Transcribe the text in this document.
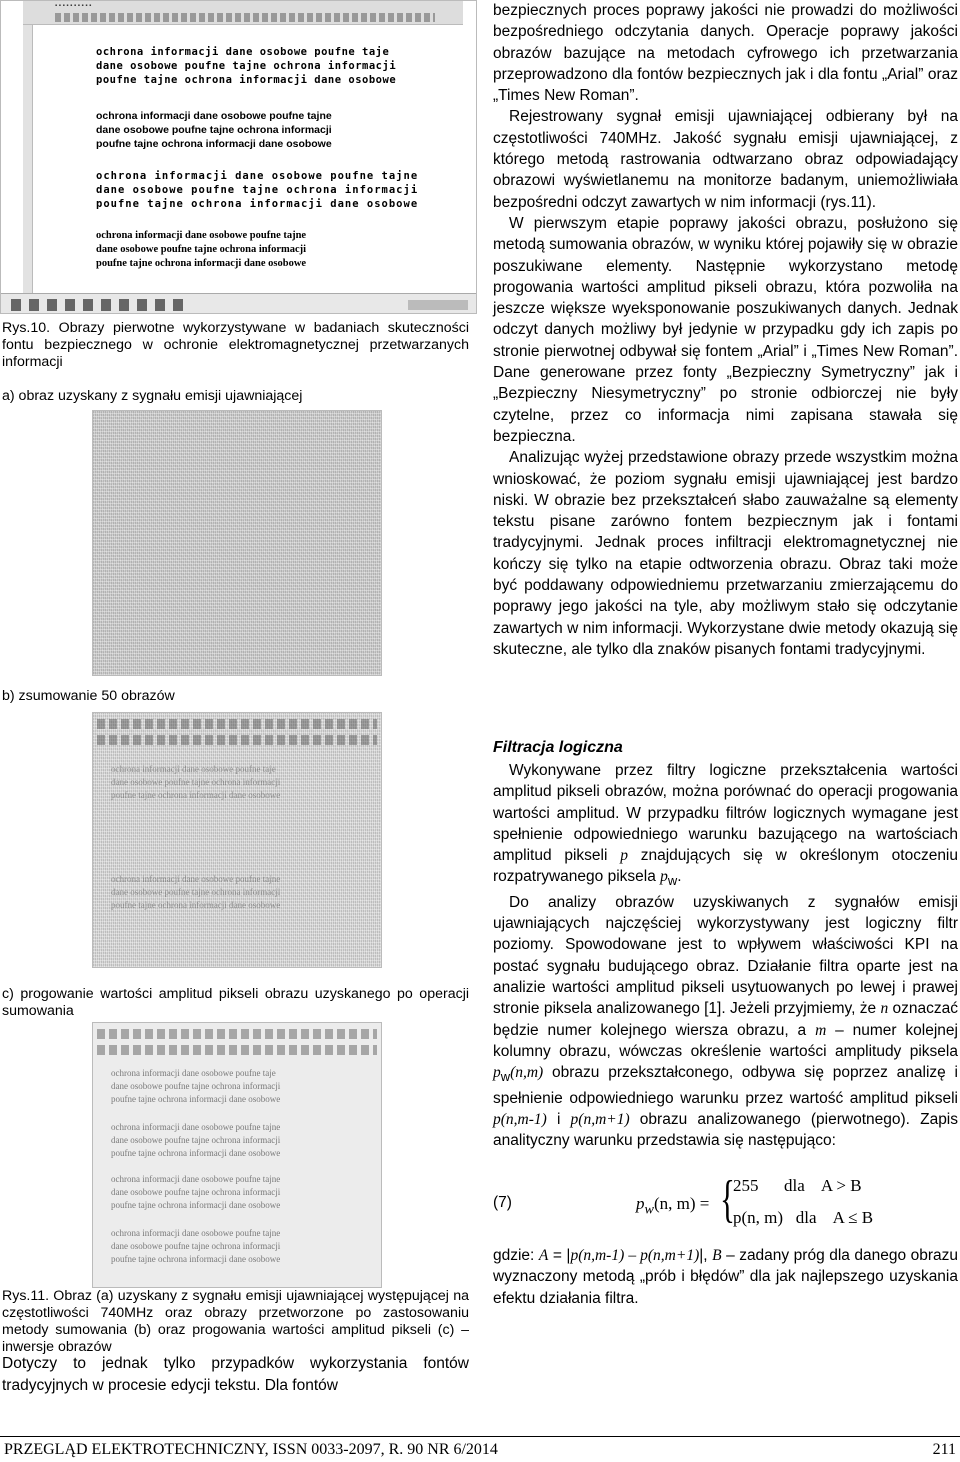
▪ ▪ ▪ ▪ ▪ ▪ ▪ ▪ ▪ ▪
ochrona informacji dane osobowe poufne taje
dane osobowe poufne tajne ochrona informacji
poufne tajne ochrona informacji dane osobowe
ochrona informacji dane osobowe poufne tajne
dane osobowe poufne tajne ochrona informacji
poufne tajne ochrona informacji dane osobowe
ochrona informacji dane osobowe poufne tajne
dane osobowe poufne tajne ochrona informacji
poufne tajne ochrona informacji dane osobowe
ochrona informacji dane osobowe poufne tajne
dane osobowe poufne tajne ochrona informacji
poufne tajne ochrona informacji dane osobowe
Rys.10. Obrazy pierwotne wykorzystywane w badaniach skuteczności fontu bezpiecznego w ochronie elektromagnetycznej przetwarzanych informacji
a) obraz uzyskany z sygnału emisji ujawniającej
b) zsumowanie 50 obrazów
ochrona informacji dane osobowe poufne taje
dane osobowe poufne tajne ochrona informacji
poufne tajne ochrona informacji dane osobowe
ochrona informacji dane osobowe poufne tajne
dane osobowe poufne tajne ochrona informacji
poufne tajne ochrona informacji dane osobowe
c) progowanie wartości amplitud pikseli obrazu uzyskanego po operacji sumowania
ochrona informacji dane osobowe poufne taje
dane osobowe poufne tajne ochrona informacji
poufne tajne ochrona informacji dane osobowe
ochrona informacji dane osobowe poufne tajne
dane osobowe poufne tajne ochrona informacji
poufne tajne ochrona informacji dane osobowe
ochrona informacji dane osobowe poufne tajne
dane osobowe poufne tajne ochrona informacji
poufne tajne ochrona informacji dane osobowe
ochrona informacji dane osobowe poufne tajne
dane osobowe poufne tajne ochrona informacji
poufne tajne ochrona informacji dane osobowe
Rys.11. Obraz (a) uzyskany z sygnału emisji ujawniającej występującej na częstotliwości 740MHz oraz obrazy przetworzone po zastosowaniu metody sumowania (b) oraz progowania wartości amplitud pikseli (c) – inwersje obrazów
Dotyczy to jednak tylko przypadków wykorzystania fontów tradycyjnych w procesie edycji tekstu. Dla fontów

bezpiecznych proces poprawy jakości nie prowadzi do możliwości bezpośredniego odczytania danych. Operacje poprawy jakości obrazów bazujące na metodach cyfrowego ich przetwarzania przeprowadzono dla fontów bezpiecznych jak i dla fontu „Arial” oraz „Times New Roman”.

Rejestrowany sygnał emisji ujawniającej odbierany był na częstotliwości 740MHz. Jakość sygnału emisji ujawniającej, z którego metodą rastrowania odtwarzano obraz odpowiadający obrazowi wyświetlanemu na monitorze badanym, uniemożliwiała bezpośredni odczyt zawartych w nim informacji (rys.11).

W pierwszym etapie poprawy jakości obrazu, posłużono się metodą sumowania obrazów, w wyniku której pojawiły się w obrazie poszukiwane elementy. Następnie wykorzystano metodę progowania wartości amplitud pikseli obrazu, która pozwoliła na jeszcze większe wyeksponowanie poszukiwanych danych. Jednak odczyt danych możliwy był jedynie w przypadku gdy ich zapis po stronie pierwotnej odbywał się fontem „Arial” i „Times New Roman”. Dane generowane przez fonty „Bezpieczny Symetryczny” jak i „Bezpieczny Niesymetryczny” po stronie odbiorczej nie były czytelne, przez co informacja nimi zapisana stawała się bezpieczna.

Analizując wyżej przedstawione obrazy przede wszystkim można wnioskować, że poziom sygnału emisji ujawniającej jest bardzo niski. W obrazie bez przekształceń słabo zauważalne są elementy tekstu pisane zarówno fontem bezpiecznym jak i fontami tradycyjnymi. Jednak proces infiltracji elektromagnetycznej nie kończy się tylko na etapie odtworzenia obrazu. Obraz taki może być poddawany odpowiedniemu przetwarzaniu zmierzającemu do poprawy jego jakości na tyle, aby możliwym stało się odczytanie zawartych w nim informacji. Wykorzystane dwie metody okazują się skuteczne, ale tylko dla znaków pisanych fontami tradycyjnymi.

Filtracja logiczna

Wykonywane przez filtry logiczne przekształcenia wartości amplitud pikseli obrazów, można porównać do operacji progowania wartości amplitud. W przypadku filtrów logicznych wymagane jest spełnienie odpowiedniego warunku bazującego na wartościach amplitud pikseli p znajdujących się w określonym otoczeniu rozpatrywanego piksela $p_w$.

Do analizy obrazów uzyskiwanych z sygnałów emisji ujawniających najczęściej wykorzystywany jest logiczny filtr poziomy. Spowodowane jest to wpływem właściwości KPI na postać sygnału budującego obraz. Działanie filtra oparte jest na analizie wartości amplitud pikseli usytuowanych po lewej i prawej stronie piksela analizowanego [1]. Jeżeli przyjmiemy, że n oznaczać będzie numer kolejnego wiersza obrazu, a m – numer kolejnej kolumny obrazu, wówczas określenie wartości amplitudy piksela $p_w(n,m)$ obrazu przekształconego, odbywa się poprzez analizę i spełnienie odpowiedniego warunku przez wartość amplitud pikseli p(n,m-1) i p(n,m+1) obrazu analizowanego (pierwotnego). Zapis analityczny warunku przedstawia się następująco:

(7)	$p_w(n$, m) = {
255      dla    A > B
p(n, m)   dla    A ≤ B

gdzie: A = |p(n,m-1) – p(n,m+1)|, B – zadany próg dla danego obrazu wyznaczony metodą „prób i błędów” dla jak najlepszego uzyskania efektu działania filtra.

PRZEGLĄD ELEKTROTECHNICZNY, ISSN 0033-2097, R. 90 NR 6/2014	211
